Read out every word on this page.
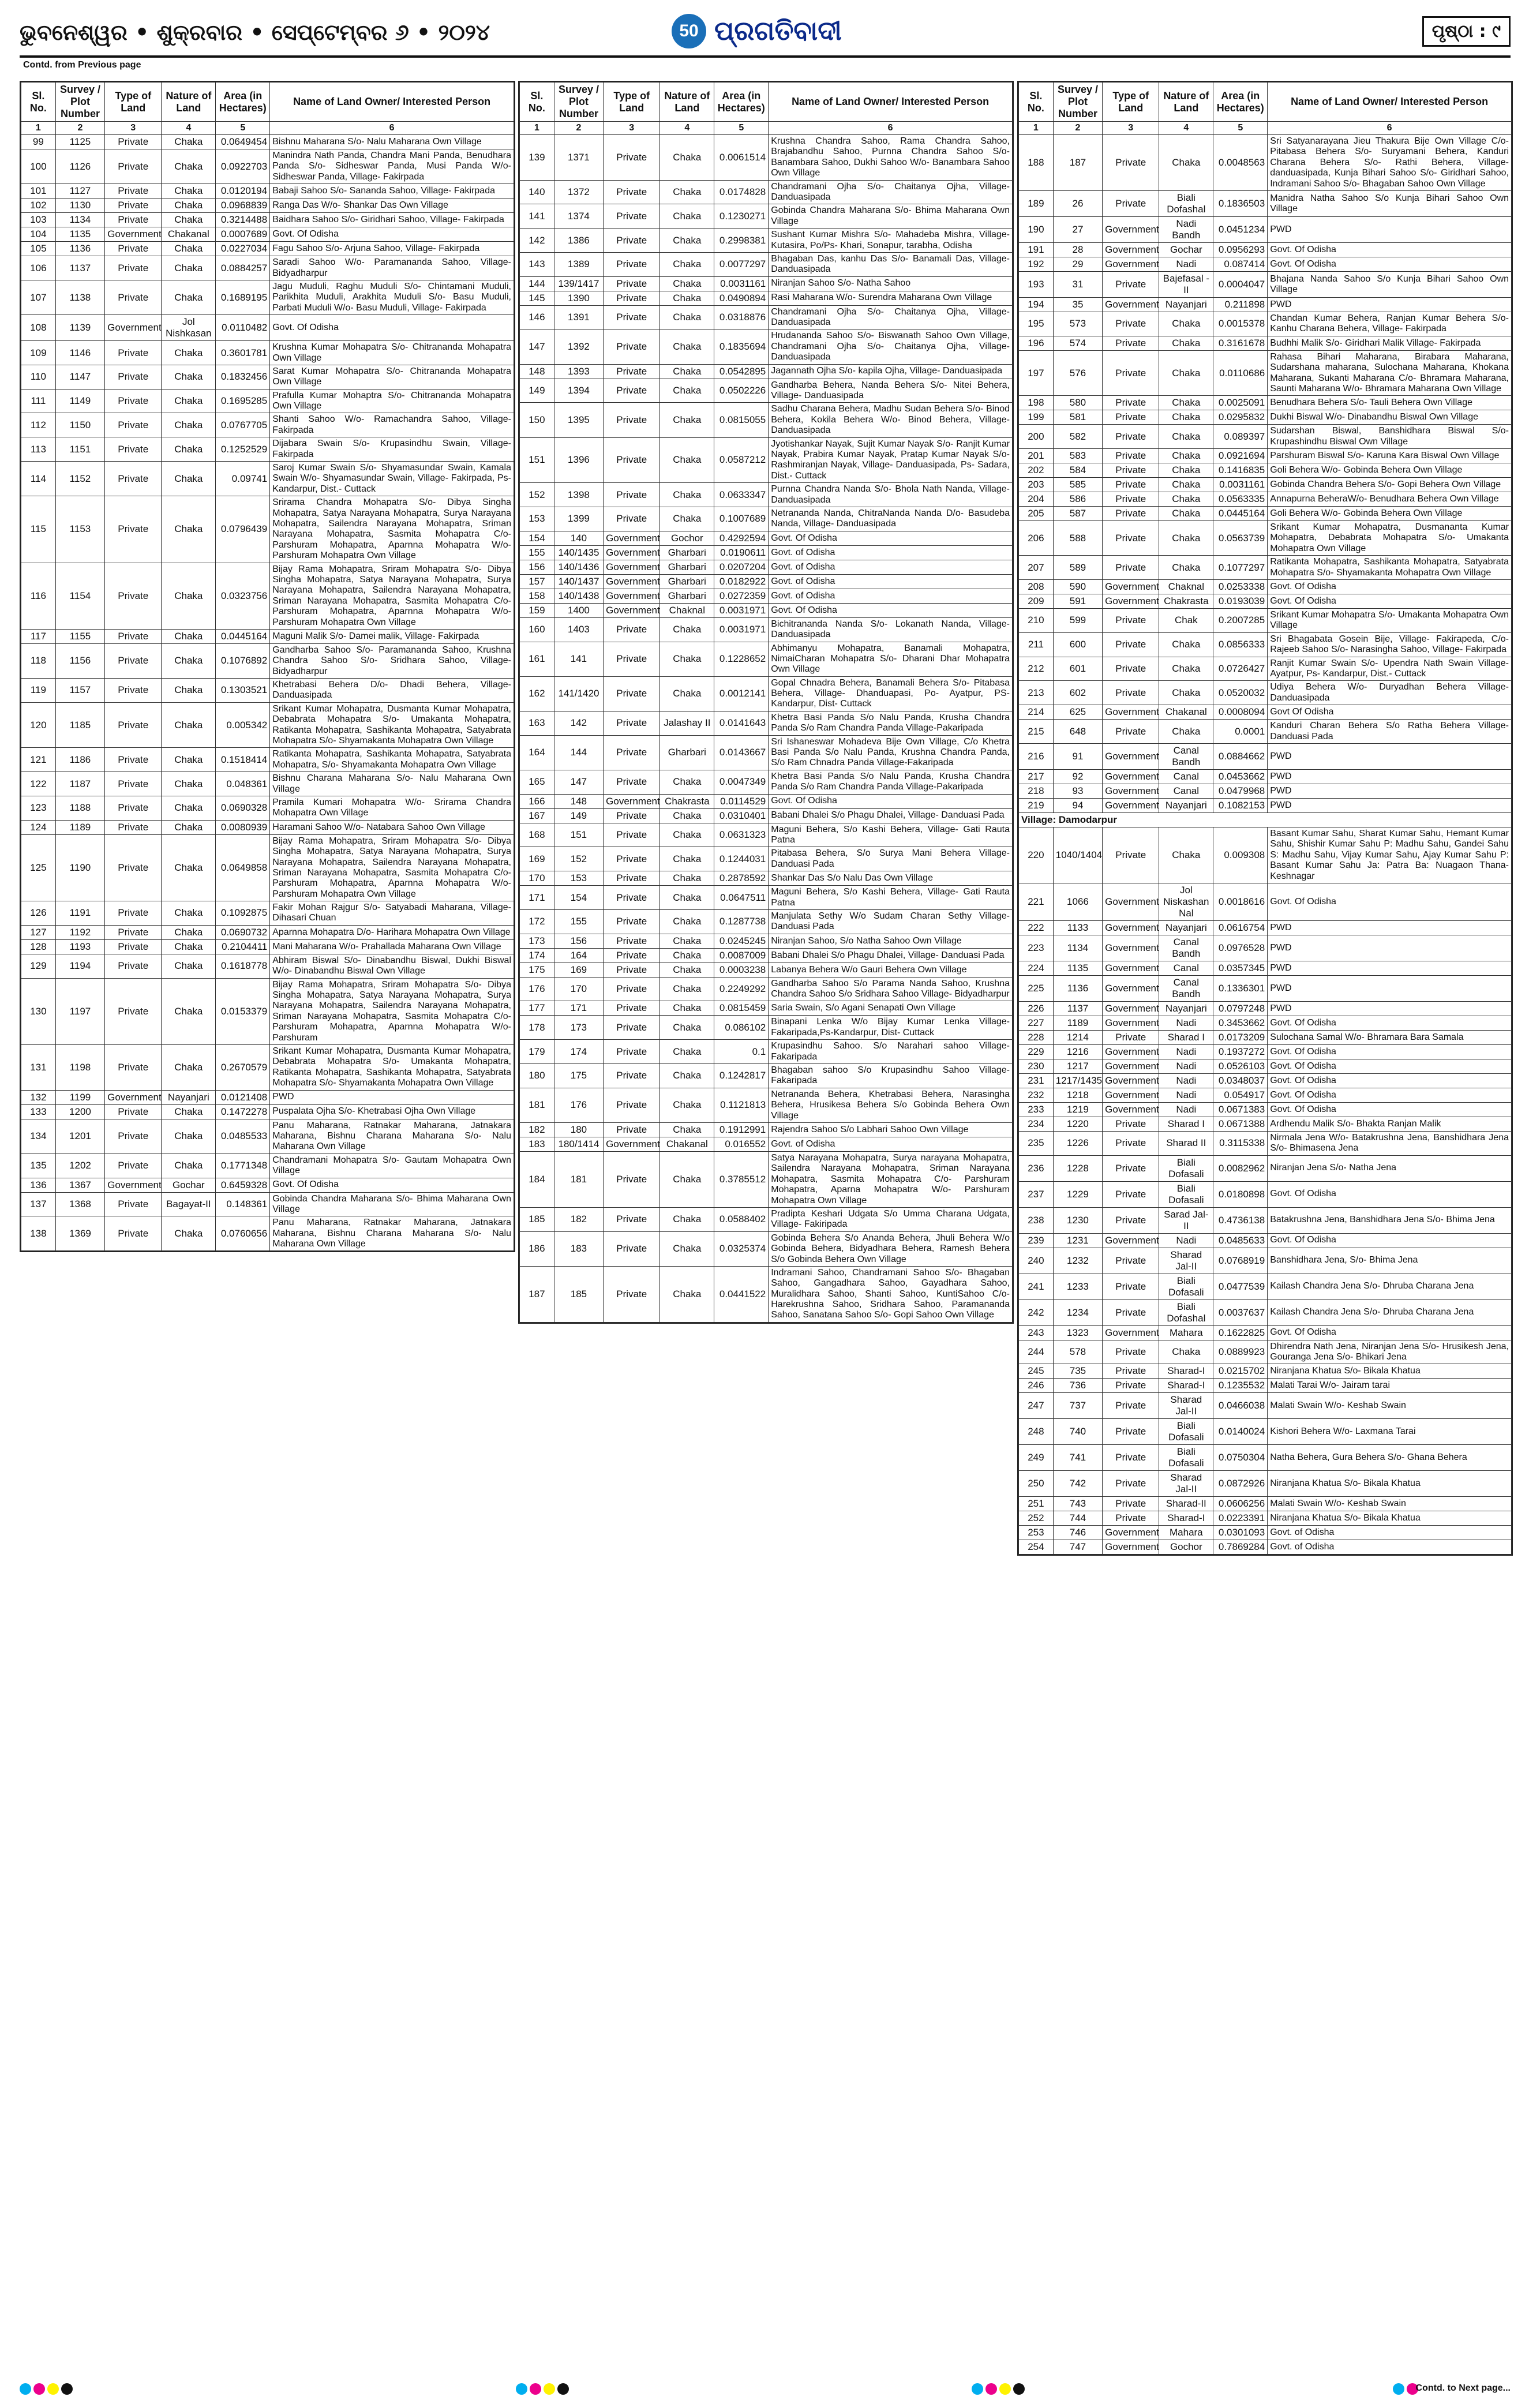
ଭୁବନେଶ୍ୱର • ଶୁକ୍ରବାର • ସେପ୍ଟେମ୍ବର ୬ • ୨୦୨୪	50 ପ୍ରଗତିବାଦୀ	ପୃଷ୍ଠା : ୯
Contd. from Previous page
Sl. No.	Survey / Plot Number	Type of Land	Nature of Land	Area (in Hectares)	Name of Land Owner/ Interested Person
1	2	3	4	5	6
99	1125	Private	Chaka	0.0649454	Bishnu Maharana S/o- Nalu Maharana Own Village
100	1126	Private	Chaka	0.0922703	Manindra Nath Panda, Chandra Mani Panda, Benudhara Panda S/o- Sidheswar Panda, Musi Panda W/o- Sidheswar Panda, Village- Fakirpada
101	1127	Private	Chaka	0.0120194	Babaji Sahoo S/o- Sananda Sahoo, Village- Fakirpada
102	1130	Private	Chaka	0.0968839	Ranga Das W/o- Shankar Das Own Village
103	1134	Private	Chaka	0.3214488	Baidhara Sahoo S/o- Giridhari Sahoo, Village- Fakirpada
104	1135	Government	Chakanal	0.0007689	Govt. Of Odisha
105	1136	Private	Chaka	0.0227034	Fagu Sahoo S/o- Arjuna Sahoo, Village- Fakirpada
106	1137	Private	Chaka	0.0884257	Saradi Sahoo W/o- Paramananda Sahoo, Village- Bidyadharpur
107	1138	Private	Chaka	0.1689195	Jagu Muduli, Raghu Muduli S/o- Chintamani Muduli, Parikhita Muduli, Arakhita Muduli S/o- Basu Muduli, Parbati Muduli W/o- Basu Muduli, Village- Fakirpada
108	1139	Government	Jol Nishkasan	0.0110482	Govt. Of Odisha
109	1146	Private	Chaka	0.3601781	Krushna Kumar Mohapatra S/o- Chitrananda Mohapatra Own Village
110	1147	Private	Chaka	0.1832456	Sarat Kumar Mohapatra S/o- Chitrananda Mohapatra Own Village
111	1149	Private	Chaka	0.1695285	Prafulla Kumar Mohaptra S/o- Chitrananda Mohapatra Own Village
112	1150	Private	Chaka	0.0767705	Shanti Sahoo W/o- Ramachandra Sahoo, Village- Fakirpada
113	1151	Private	Chaka	0.1252529	Dijabara Swain S/o- Krupasindhu Swain, Village- Fakirpada
114	1152	Private	Chaka	0.09741	Saroj Kumar Swain S/o- Shyamasundar Swain, Kamala Swain W/o- Shyamasundar Swain, Village- Fakirpada, Ps- Kandarpur, Dist.- Cuttack
115	1153	Private	Chaka	0.0796439	Srirama Chandra Mohapatra S/o- Dibya Singha Mohapatra, Satya Narayana Mohapatra, Surya Narayana Mohapatra, Sailendra Narayana Mohapatra, Sriman Narayana Mohapatra, Sasmita Mohapatra C/o- Parshuram Mohapatra, Aparnna Mohapatra W/o- Parshuram Mohapatra Own Village
116	1154	Private	Chaka	0.0323756	Bijay Rama Mohapatra, Sriram Mohapatra S/o- Dibya Singha Mohapatra, Satya Narayana Mohapatra, Surya Narayana Mohapatra, Sailendra Narayana Mohapatra, Sriman Narayana Mohapatra, Sasmita Mohapatra C/o- Parshuram Mohapatra, Aparnna Mohapatra W/o- Parshuram Mohapatra Own Village
117	1155	Private	Chaka	0.0445164	Maguni Malik S/o- Damei malik, Village- Fakirpada
118	1156	Private	Chaka	0.1076892	Gandharba Sahoo S/o- Paramananda Sahoo, Krushna Chandra Sahoo S/o- Sridhara Sahoo, Village- Bidyadharpur
119	1157	Private	Chaka	0.1303521	Khetrabasi Behera D/o- Dhadi Behera, Village- Danduasipada
120	1185	Private	Chaka	0.005342	Srikant Kumar Mohapatra, Dusmanta Kumar Mohapatra, Debabrata Mohapatra S/o- Umakanta Mohapatra, Ratikanta Mohapatra, Sashikanta Mohapatra, Satyabrata Mohapatra S/o- Shyamakanta Mohapatra Own Village
121	1186	Private	Chaka	0.1518414	Ratikanta Mohapatra, Sashikanta Mohapatra, Satyabrata Mohapatra, S/o- Shyamakanta Mohapatra Own Village
122	1187	Private	Chaka	0.048361	Bishnu Charana Maharana S/o- Nalu Maharana Own Village
123	1188	Private	Chaka	0.0690328	Pramila Kumari Mohapatra W/o- Srirama Chandra Mohapatra Own Village
124	1189	Private	Chaka	0.0080939	Haramani Sahoo W/o- Natabara Sahoo Own Village
125	1190	Private	Chaka	0.0649858	Bijay Rama Mohapatra, Sriram Mohapatra S/o- Dibya Singha Mohapatra, Satya Narayana Mohapatra, Surya Narayana Mohapatra, Sailendra Narayana Mohapatra, Sriman Narayana Mohapatra, Sasmita Mohapatra C/o- Parshuram Mohapatra, Aparnna Mohapatra W/o- Parshuram Mohapatra Own Village
126	1191	Private	Chaka	0.1092875	Fakir Mohan Rajgur S/o- Satyabadi Maharana, Village- Dihasari Chuan
127	1192	Private	Chaka	0.0690732	Aparnna Mohapatra D/o- Harihara Mohapatra Own Village
128	1193	Private	Chaka	0.2104411	Mani Maharana W/o- Prahallada Maharana Own Village
129	1194	Private	Chaka	0.1618778	Abhiram Biswal S/o- Dinabandhu Biswal, Dukhi Biswal W/o- Dinabandhu Biswal Own Village
130	1197	Private	Chaka	0.0153379	Bijay Rama Mohapatra, Sriram Mohapatra S/o- Dibya Singha Mohapatra, Satya Narayana Mohapatra, Surya Narayana Mohapatra, Sailendra Narayana Mohapatra, Sriman Narayana Mohapatra, Sasmita Mohapatra C/o- Parshuram Mohapatra, Aparnna Mohapatra W/o- Parshuram
131	1198	Private	Chaka	0.2670579	Srikant Kumar Mohapatra, Dusmanta Kumar Mohapatra, Debabrata Mohapatra S/o- Umakanta Mohapatra, Ratikanta Mohapatra, Sashikanta Mohapatra, Satyabrata Mohapatra S/o- Shyamakanta Mohapatra Own Village
132	1199	Government	Nayanjari	0.0121408	PWD
133	1200	Private	Chaka	0.1472278	Puspalata Ojha S/o- Khetrabasi Ojha Own Village
134	1201	Private	Chaka	0.0485533	Panu Maharana, Ratnakar Maharana, Jatnakara Maharana, Bishnu Charana Maharana S/o- Nalu Maharana Own Village
135	1202	Private	Chaka	0.1771348	Chandramani Mohapatra S/o- Gautam Mohapatra Own Village
136	1367	Government	Gochar	0.6459328	Govt. Of Odisha
137	1368	Private	Bagayat-II	0.148361	Gobinda Chandra Maharana S/o- Bhima Maharana Own Village
138	1369	Private	Chaka	0.0760656	Panu Maharana, Ratnakar Maharana, Jatnakara Maharana, Bishnu Charana Maharana S/o- Nalu Maharana Own Village
Sl. No.	Survey / Plot Number	Type of Land	Nature of Land	Area (in Hectares)	Name of Land Owner/ Interested Person
1	2	3	4	5	6
139	1371	Private	Chaka	0.0061514	Krushna Chandra Sahoo, Rama Chandra Sahoo, Brajabandhu Sahoo, Purnna Chandra Sahoo S/o- Banambara Sahoo, Dukhi Sahoo W/o- Banambara Sahoo Own Village
140	1372	Private	Chaka	0.0174828	Chandramani Ojha S/o- Chaitanya Ojha, Village- Danduasipada
141	1374	Private	Chaka	0.1230271	Gobinda Chandra Maharana S/o- Bhima Maharana Own Village
142	1386	Private	Chaka	0.2998381	Sushant Kumar Mishra S/o- Mahadeba Mishra, Village- Kutasira, Po/Ps- Khari, Sonapur, tarabha, Odisha
143	1389	Private	Chaka	0.0077297	Bhagaban Das, kanhu Das S/o- Banamali Das, Village- Danduasipada
144	139/1417	Private	Chaka	0.0031161	Niranjan Sahoo S/o- Natha Sahoo
145	1390	Private	Chaka	0.0490894	Rasi Maharana W/o- Surendra Maharana Own Village
146	1391	Private	Chaka	0.0318876	Chandramani Ojha S/o- Chaitanya Ojha, Village- Danduasipada
147	1392	Private	Chaka	0.1835694	Hrudananda Sahoo S/o- Biswanath Sahoo Own Village, Chandramani Ojha S/o- Chaitanya Ojha, Village- Danduasipada
148	1393	Private	Chaka	0.0542895	Jagannath Ojha S/o- kapila Ojha, Village- Danduasipada
149	1394	Private	Chaka	0.0502226	Gandharba Behera, Nanda Behera S/o- Nitei Behera, Village- Danduasipada
150	1395	Private	Chaka	0.0815055	Sadhu Charana Behera, Madhu Sudan Behera S/o- Binod Behera, Kokila Behera W/o- Binod Behera, Village- Danduasipada
151	1396	Private	Chaka	0.0587212	Jyotishankar Nayak, Sujit Kumar Nayak S/o- Ranjit Kumar Nayak, Prabira Kumar Nayak, Pratap Kumar Nayak S/o- Rashmiranjan Nayak, Village- Danduasipada, Ps- Sadara, Dist.- Cuttack
152	1398	Private	Chaka	0.0633347	Purnna Chandra Nanda S/o- Bhola Nath Nanda, Village- Danduasipada
153	1399	Private	Chaka	0.1007689	Netrananda Nanda, ChitraNanda Nanda D/o- Basudeba Nanda, Village- Danduasipada
154	140	Government	Gochor	0.4292594	Govt. Of Odisha
155	140/1435	Government	Gharbari	0.0190611	Govt. of Odisha
156	140/1436	Government	Gharbari	0.0207204	Govt. of Odisha
157	140/1437	Government	Gharbari	0.0182922	Govt. of Odisha
158	140/1438	Government	Gharbari	0.0272359	Govt. of Odisha
159	1400	Government	Chaknal	0.0031971	Govt. Of Odisha
160	1403	Private	Chaka	0.0031971	Bichitrananda Nanda S/o- Lokanath Nanda, Village- Danduasipada
161	141	Private	Chaka	0.1228652	Abhimanyu Mohapatra, Banamali Mohapatra, NimaiCharan Mohapatra S/o- Dharani Dhar Mohapatra Own Village
162	141/1420	Private	Chaka	0.0012141	Gopal Chnadra Behera, Banamali Behera S/o- Pitabasa Behera, Village- Dhanduapasi, Po- Ayatpur, PS-Kandarpur, Dist- Cuttack
163	142	Private	Jalashay II	0.0141643	Khetra Basi Panda S/o Nalu Panda, Krusha Chandra Panda S/o Ram Chandra Panda Village-Pakaripada
164	144	Private	Gharbari	0.0143667	Sri Ishaneswar Mohadeva Bije Own Village, C/o Khetra Basi Panda S/o Nalu Panda, Krushna Chandra Panda, S/o Ram Chnadra Panda Village-Fakaripada
165	147	Private	Chaka	0.0047349	Khetra Basi Panda S/o Nalu Panda, Krusha Chandra Panda S/o Ram Chandra Panda Village-Pakaripada
166	148	Government	Chakrasta	0.0114529	Govt. Of Odisha
167	149	Private	Chaka	0.0310401	Babani Dhalei S/o Phagu Dhalei, Village- Danduasi Pada
168	151	Private	Chaka	0.0631323	Maguni Behera, S/o Kashi Behera, Village- Gati Rauta Patna
169	152	Private	Chaka	0.1244031	Pitabasa Behera, S/o Surya Mani Behera Village-Danduasi Pada
170	153	Private	Chaka	0.2878592	Shankar Das S/o Nalu Das Own Village
171	154	Private	Chaka	0.0647511	Maguni Behera, S/o Kashi Behera, Village- Gati Rauta Patna
172	155	Private	Chaka	0.1287738	Manjulata Sethy W/o Sudam Charan Sethy Village-Danduasi Pada
173	156	Private	Chaka	0.0245245	Niranjan Sahoo, S/o Natha Sahoo Own Village
174	164	Private	Chaka	0.0087009	Babani Dhalei S/o Phagu Dhalei, Village- Danduasi Pada
175	169	Private	Chaka	0.0003238	Labanya Behera W/o Gauri Behera Own Village
176	170	Private	Chaka	0.2249292	Gandharba Sahoo S/o Parama Nanda Sahoo, Krushna Chandra Sahoo S/o Sridhara Sahoo Village- Bidyadharpur
177	171	Private	Chaka	0.0815459	Saria Swain, S/o Agani Senapati Own Village
178	173	Private	Chaka	0.086102	Binapani Lenka W/o Bijay Kumar Lenka Village-Fakaripada,Ps-Kandarpur, Dist- Cuttack
179	174	Private	Chaka	0.1	Krupasindhu Sahoo. S/o Narahari sahoo Village- Fakaripada
180	175	Private	Chaka	0.1242817	Bhagaban sahoo S/o Krupasindhu Sahoo Village-Fakaripada
181	176	Private	Chaka	0.1121813	Netrananda Behera, Khetrabasi Behera, Narasingha Behera, Hrusikesa Behera S/o Gobinda Behera Own Village
182	180	Private	Chaka	0.1912991	Rajendra Sahoo S/o Labhari Sahoo Own Village
183	180/1414	Government	Chakanal	0.016552	Govt. of Odisha
184	181	Private	Chaka	0.3785512	Satya Narayana Mohapatra, Surya narayana Mohapatra, Sailendra Narayana Mohapatra, Sriman Narayana Mohapatra, Sasmita Mohapatra C/o- Parshuram Mohapatra, Aparna Mohapatra W/o- Parshuram Mohapatra Own Village
185	182	Private	Chaka	0.0588402	Pradipta Keshari Udgata S/o Umma Charana Udgata, Village- Fakiripada
186	183	Private	Chaka	0.0325374	Gobinda Behera S/o Ananda Behera, Jhuli Behera W/o Gobinda Behera, Bidyadhara Behera, Ramesh Behera S/o Gobinda Behera Own Village
187	185	Private	Chaka	0.0441522	Indramani Sahoo, Chandramani Sahoo S/o- Bhagaban Sahoo, Gangadhara Sahoo, Gayadhara Sahoo, Muralidhara Sahoo, Shanti Sahoo, KuntiSahoo C/o- Harekrushna Sahoo, Sridhara Sahoo, Paramananda Sahoo, Sanatana Sahoo S/o- Gopi Sahoo Own Village
Sl. No.	Survey / Plot Number	Type of Land	Nature of Land	Area (in Hectares)	Name of Land Owner/ Interested Person
1	2	3	4	5	6
188	187	Private	Chaka	0.0048563	Sri Satyanarayana Jieu Thakura Bije Own Village C/o- Pitabasa Behera S/o- Suryamani Behera, Kanduri Charana Behera S/o- Rathi Behera, Village- danduasipada, Kunja Bihari Sahoo S/o- Giridhari Sahoo, Indramani Sahoo S/o- Bhagaban Sahoo Own Village
189	26	Private	Biali Dofashal	0.1836503	Manidra Natha Sahoo S/o Kunja Bihari Sahoo Own Village
190	27	Government	Nadi Bandh	0.0451234	PWD
191	28	Government	Gochar	0.0956293	Govt. Of Odisha
192	29	Government	Nadi	0.087414	Govt. Of Odisha
193	31	Private	Bajefasal - II	0.0004047	Bhajana Nanda Sahoo S/o Kunja Bihari Sahoo Own Village
194	35	Government	Nayanjari	0.211898	PWD
195	573	Private	Chaka	0.0015378	Chandan Kumar Behera, Ranjan Kumar Behera S/o- Kanhu Charana Behera, Village- Fakirpada
196	574	Private	Chaka	0.3161678	Budhhi Malik S/o- Giridhari Malik Village- Fakirpada
197	576	Private	Chaka	0.0110686	Rahasa Bihari Maharana, Birabara Maharana, Sudarshana maharana, Sulochana Maharana, Khokana Maharana, Sukanti Maharana C/o- Bhramara Maharana, Saunti Maharana W/o- Bhramara Maharana Own Village
198	580	Private	Chaka	0.0025091	Benudhara Behera S/o- Tauli Behera Own Village
199	581	Private	Chaka	0.0295832	Dukhi Biswal W/o- Dinabandhu Biswal Own Village
200	582	Private	Chaka	0.089397	Sudarshan Biswal, Banshidhara Biswal S/o- Krupashindhu Biswal Own Village
201	583	Private	Chaka	0.0921694	Parshuram Biswal S/o- Karuna Kara Biswal Own Village
202	584	Private	Chaka	0.1416835	Goli Behera W/o- Gobinda Behera Own Village
203	585	Private	Chaka	0.0031161	Gobinda Chandra Behera S/o- Gopi Behera Own Village
204	586	Private	Chaka	0.0563335	Annapurna BeheraW/o- Benudhara Behera Own Village
205	587	Private	Chaka	0.0445164	Goli Behera W/o- Gobinda Behera Own Village
206	588	Private	Chaka	0.0563739	Srikant Kumar Mohapatra, Dusmananta Kumar Mohapatra, Debabrata Mohapatra S/o- Umakanta Mohapatra Own Village
207	589	Private	Chaka	0.1077297	Ratikanta Mohapatra, Sashikanta Mohapatra, Satyabrata Mohapatra S/o- Shyamakanta Mohapatra Own Village
208	590	Government	Chaknal	0.0253338	Govt. Of Odisha
209	591	Government	Chakrasta	0.0193039	Govt. Of Odisha
210	599	Private	Chak	0.2007285	Srikant Kumar Mohapatra S/o- Umakanta Mohapatra Own Village
211	600	Private	Chaka	0.0856333	Sri Bhagabata Gosein Bije, Village- Fakirapeda, C/o- Rajeeb Sahoo S/o- Narasingha Sahoo, Village- Fakirpada
212	601	Private	Chaka	0.0726427	Ranjit Kumar Swain S/o- Upendra Nath Swain Village- Ayatpur, Ps- Kandarpur, Dist.- Cuttack
213	602	Private	Chaka	0.0520032	Udiya Behera W/o- Duryadhan Behera Village- Danduasipada
214	625	Government	Chakanal	0.0008094	Govt Of Odisha
215	648	Private	Chaka	0.0001	Kanduri Charan Behera S/o Ratha Behera Village-Danduasi Pada
216	91	Government	Canal Bandh	0.0884662	PWD
217	92	Government	Canal	0.0453662	PWD
218	93	Government	Canal	0.0479968	PWD
219	94	Government	Nayanjari	0.1082153	PWD
Village: Damodarpur					
220	1040/1404	Private	Chaka	0.009308	Basant Kumar Sahu, Sharat Kumar Sahu, Hemant Kumar Sahu, Shishir Kumar Sahu P: Madhu Sahu, Gandei Sahu S: Madhu Sahu, Vijay Kumar Sahu, Ajay Kumar Sahu P: Basant Kumar Sahu Ja: Patra Ba: Nuagaon Thana-Keshnagar
221	1066	Government	Jol Niskashan Nal	0.0018616	Govt. Of Odisha
222	1133	Government	Nayanjari	0.0616754	PWD
223	1134	Government	Canal Bandh	0.0976528	PWD
224	1135	Government	Canal	0.0357345	PWD
225	1136	Government	Canal Bandh	0.1336301	PWD
226	1137	Government	Nayanjari	0.0797248	PWD
227	1189	Government	Nadi	0.3453662	Govt. Of Odisha
228	1214	Private	Sharad I	0.0173209	Sulochana Samal W/o- Bhramara Bara Samala
229	1216	Government	Nadi	0.1937272	Govt. Of Odisha
230	1217	Government	Nadi	0.0526103	Govt. Of Odisha
231	1217/1435	Government	Nadi	0.0348037	Govt. Of Odisha
232	1218	Government	Nadi	0.054917	Govt. Of Odisha
233	1219	Government	Nadi	0.0671383	Govt. Of Odisha
234	1220	Private	Sharad I	0.0671388	Ardhendu Malik S/o- Bhakta Ranjan Malik
235	1226	Private	Sharad II	0.3115338	Nirmala Jena W/o- Batakrushna Jena, Banshidhara Jena S/o- Bhimasena Jena
236	1228	Private	Biali Dofasali	0.0082962	Niranjan Jena S/o- Natha Jena
237	1229	Private	Biali Dofasali	0.0180898	Govt. Of Odisha
238	1230	Private	Sarad Jal-II	0.4736138	Batakrushna Jena, Banshidhara Jena S/o- Bhima Jena
239	1231	Government	Nadi	0.0485633	Govt. Of Odisha
240	1232	Private	Sharad Jal-II	0.0768919	Banshidhara Jena, S/o- Bhima Jena
241	1233	Private	Biali Dofasali	0.0477539	Kailash Chandra Jena S/o- Dhruba Charana Jena
242	1234	Private	Biali Dofashal	0.0037637	Kailash Chandra Jena S/o- Dhruba Charana Jena
243	1323	Government	Mahara	0.1622825	Govt. Of Odisha
244	578	Private	Chaka	0.0889923	Dhirendra Nath Jena, Niranjan Jena S/o- Hrusikesh Jena, Gouranga Jena S/o- Bhikari Jena
245	735	Private	Sharad-I	0.0215702	Niranjana Khatua S/o- Bikala Khatua
246	736	Private	Sharad-I	0.1235532	Malati Tarai W/o- Jairam tarai
247	737	Private	Sharad Jal-II	0.0466038	Malati Swain W/o- Keshab Swain
248	740	Private	Biali Dofasali	0.0140024	Kishori Behera W/o- Laxmana Tarai
249	741	Private	Biali Dofasali	0.0750304	Natha Behera, Gura Behera S/o- Ghana Behera
250	742	Private	Sharad Jal-II	0.0872926	Niranjana Khatua S/o- Bikala Khatua
251	743	Private	Sharad-II	0.0606256	Malati Swain W/o- Keshab Swain
252	744	Private	Sharad-I	0.0223391	Niranjana Khatua S/o- Bikala Khatua
253	746	Government	Mahara	0.0301093	Govt. of Odisha
254	747	Government	Gochor	0.7869284	Govt. of Odisha
Contd. to Next page...
